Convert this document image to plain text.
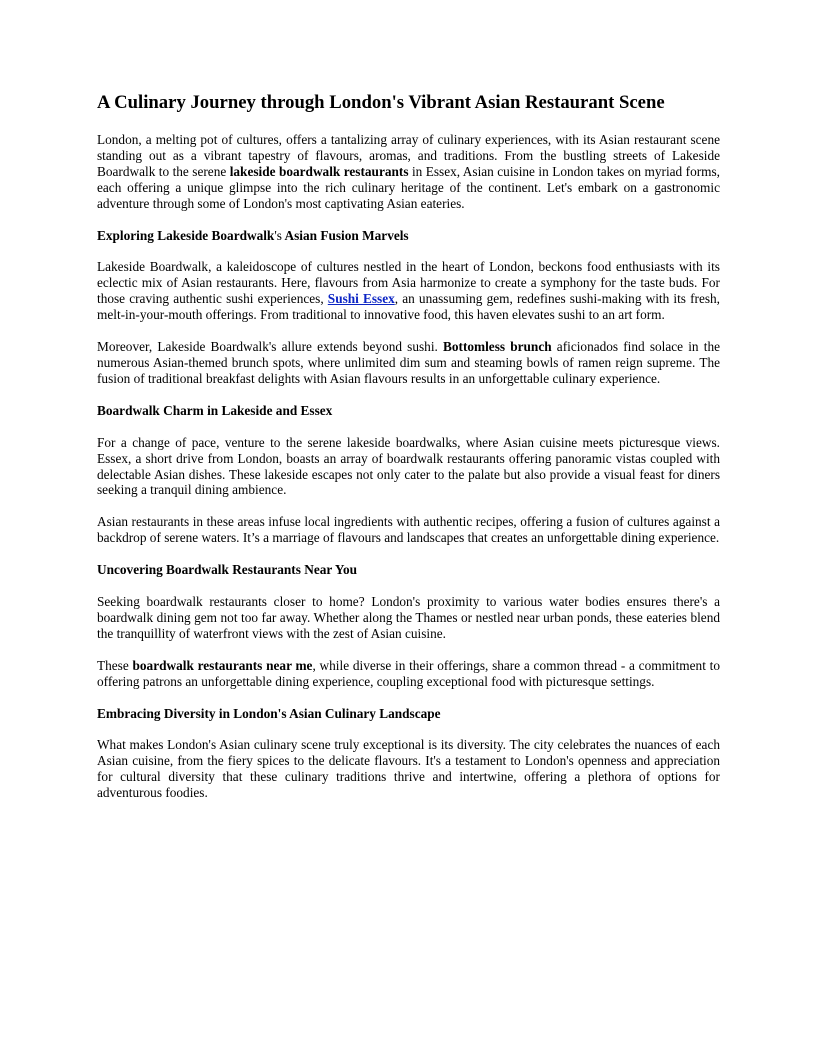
A Culinary Journey through London's Vibrant Asian Restaurant Scene

London, a melting pot of cultures, offers a tantalizing array of culinary experiences, with its Asian restaurant scene standing out as a vibrant tapestry of flavours, aromas, and traditions. From the bustling streets of Lakeside Boardwalk to the serene lakeside boardwalk restaurants in Essex, Asian cuisine in London takes on myriad forms, each offering a unique glimpse into the rich culinary heritage of the continent. Let's embark on a gastronomic adventure through some of London's most captivating Asian eateries.

Exploring Lakeside Boardwalk's Asian Fusion Marvels

Lakeside Boardwalk, a kaleidoscope of cultures nestled in the heart of London, beckons food enthusiasts with its eclectic mix of Asian restaurants. Here, flavours from Asia harmonize to create a symphony for the taste buds. For those craving authentic sushi experiences, Sushi Essex, an unassuming gem, redefines sushi-making with its fresh, melt-in-your-mouth offerings. From traditional to innovative food, this haven elevates sushi to an art form.

Moreover, Lakeside Boardwalk's allure extends beyond sushi. Bottomless brunch aficionados find solace in the numerous Asian-themed brunch spots, where unlimited dim sum and steaming bowls of ramen reign supreme. The fusion of traditional breakfast delights with Asian flavours results in an unforgettable culinary experience.

Boardwalk Charm in Lakeside and Essex

For a change of pace, venture to the serene lakeside boardwalks, where Asian cuisine meets picturesque views. Essex, a short drive from London, boasts an array of boardwalk restaurants offering panoramic vistas coupled with delectable Asian dishes. These lakeside escapes not only cater to the palate but also provide a visual feast for diners seeking a tranquil dining ambience.

Asian restaurants in these areas infuse local ingredients with authentic recipes, offering a fusion of cultures against a backdrop of serene waters. It’s a marriage of flavours and landscapes that creates an unforgettable dining experience.

Uncovering Boardwalk Restaurants Near You

Seeking boardwalk restaurants closer to home? London's proximity to various water bodies ensures there's a boardwalk dining gem not too far away. Whether along the Thames or nestled near urban ponds, these eateries blend the tranquillity of waterfront views with the zest of Asian cuisine.

These boardwalk restaurants near me, while diverse in their offerings, share a common thread - a commitment to offering patrons an unforgettable dining experience, coupling exceptional food with picturesque settings.

Embracing Diversity in London's Asian Culinary Landscape

What makes London's Asian culinary scene truly exceptional is its diversity. The city celebrates the nuances of each Asian cuisine, from the fiery spices to the delicate flavours. It's a testament to London's openness and appreciation for cultural diversity that these culinary traditions thrive and intertwine, offering a plethora of options for adventurous foodies.
